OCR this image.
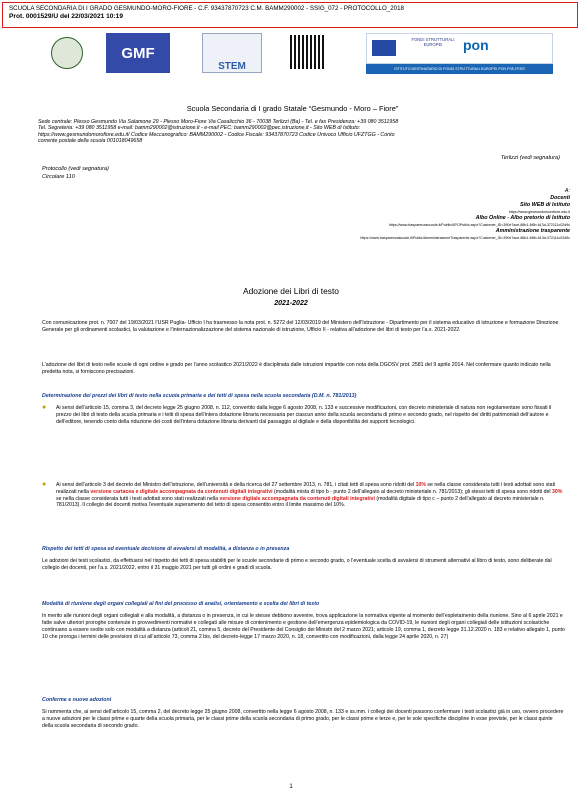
SCUOLA SECONDARIA DI I GRADO GESMUNDO-MORO-FIORE - C.F. 93437870723 C.M. BAMM290002 - SSIG_072 - PROTOCOLLO_2018
Prot. 0001529/U del 22/03/2021 10:19
GMF
STEM
FONDI STRUTTURALI EUROPEI	pon
ISTITUTO DESTINATARIO DI FONDI STRUTTURALI EUROPEI PON FSE-FESR
Scuola Secondaria di I grado Statale “Gesmundo - Moro – Fiore”
Sede centrale: Plesso Gesmundo Via Salamone 29 - Plesso Moro-Fiore Via Casalicchio 36 - 70038 Terlizzi (Ba) - Tel. e fax Presidenza: +39 080 3511958
Tel. Segreteria: +39 080 3511958 e-mail: bamm290002@istruzione.it - e-mail PEC: bamm290002@pec.istruzione.it - Sito WEB di Istituto:
https://www.gesmundomorofiore.edu.it/ Codice Meccanografico: BAMM290002 - Codice Fiscale: 93437870723 Codice Univoco Ufficio UFZTGG - Conto
corrente postale della scuola 001018049658
Terlizzi (vedi segnatura)
Protocollo (vedi segnatura)
Circolare 110
A:
Docenti
Sito WEB di Istituto
https://www.gesmundomorofiore.edu.it
Albo Online - Albo pretorio di Istituto
https://www.trasparenzascuole.it/Public/APOPublic.aspx?Customer_ID=390e7ace-86b1-4f6b-b13d-372111c02d9c
Amministrazione trasparente
https://www.trasparenzascuole.it/Public/AmministrazioneTrasparente.aspx?Customer_ID=390e7ace-86b1-4f6b-b13d-372111c02d9c
Adozione dei Libri di testo
2021-2022
Con comunicazione prot. n. 7007 del 19/03/2021 l’USR Puglia- Ufficio I ha trasmesso la nota prot. n. 5272 del 12/03/2019 del Ministero dell’Istruzione - Dipartimento per il sistema educativo di istruzione e formazione Direzione Generale per gli ordinamenti scolastici, la valutazione e l’internazionalizzazione del sistema nazionale di istruzione, Ufficio II - relativa all’adozione dei libri di testo per l’a.s. 2021-2022.
L’adozione dei libri di testo nelle scuole di ogni ordine e grado per l’anno scolastico 2021/2022 è disciplinata dalle istruzioni impartite con nota della DGOSV prot. 2581 del 9 aprile 2014. Nel confermare quanto indicato nella predetta nota, si forniscono precisazioni.
Determinazione dei prezzi dei libri di testo nella scuola primaria e dei tetti di spesa nella scuola secondaria (D.M. n. 781/2013)
● Ai sensi dell’articolo 15, comma 3, del decreto legge 25 giugno 2008, n. 112, convertito dalla legge 6 agosto 2008, n. 133 e successive modificazioni, con decreto ministeriale di natura non regolamentare sono fissati il prezzo dei libri di testo della scuola primaria e i tetti di spesa dell’intera dotazione libraria necessaria per ciascun anno della scuola secondaria di primo e secondo grado, nel rispetto dei diritti patrimoniali dell’autore e dell’editore, tenendo conto della riduzione dei costi dell’intera dotazione libraria derivanti dal passaggio al digitale e della disponibilità dei supporti tecnologici.
● Ai sensi dell’articolo 3 del decreto del Ministro dell’istruzione, dell’università e della ricerca del 27 settembre 2013, n. 781, i citati tetti di spesa sono ridotti del 10% se nella classe considerata tutti i testi adottati sono stati realizzati nella versione cartacea e digitale accompagnata da contenuti digitali integrativi (modalità mista di tipo b - punto 2 dell’allegato al decreto ministeriale n. 781/2013); gli stessi tetti di spesa sono ridotti del 30% se nella classe considerata tutti i testi adottati sono stati realizzati nella versione digitale accompagnata da contenuti digitali integrativi (modalità digitale di tipo c – punto 2 dell’allegato al decreto ministeriale n. 781/2013). Il collegio dei docenti motiva l’eventuale superamento del tetto di spesa consentito entro il limite massimo del 10%.
Rispetto dei tetti di spesa ed eventuale decisione di avvalersi di modalità, a distanza o in presenza
Le adozioni dei testi scolastici, da effettuarsi nel rispetto dei tetti di spesa stabiliti per le scuole secondarie di primo e secondo grado, o l’eventuale scelta di avvalersi di strumenti alternativi al libro di testo, sono deliberate dal collegio dei docenti, per l’a.s. 2021/2022, entro il 31 maggio 2021 per tutti gli ordini e gradi di scuola.
Modalità di riunione degli organi collegiali al fini del processo di analisi, orientamento e scelta dei libri di testo
In merito alle riunioni degli organi collegiali e alla modalità, a distanza o in presenza, in cui le stesse debbono avvenire, trova applicazione la normativa vigente al momento dell’espletamento della riunione. Sino al 6 aprile 2021 e fatte salve ulteriori proroghe contenute in provvedimenti normativi e collegati alle misure di contenimento e gestione dell’emergenza epidemiologica da COVID-19, le riunioni degli organi collegiali delle istituzioni scolastiche continuano a essere svolte solo con modalità a distanza (articoli 21, comma 5, decreto del Presidente del Consiglio dei Ministri del 2 marzo 2021; articolo 19, comma 1, decreto legge 31.12.2020 n. 183 e relativo allegato 1, punto 10 che proroga i termini delle previsioni di cui all’articolo 73, comma 2 bis, del decreto-legge 17 marzo 2020, n. 18, convertito con modificazioni, dalla legge 24 aprile 2020, n. 27)
Conferme e nuove adozioni
Si rammenta che, ai sensi dell’articolo 15, comma 2, del decreto legge 25 giugno 2008, convertito nella legge 6 agosto 2008, n. 133 e ss.mm. i collegi dei docenti possono confermare i testi scolastici già in uso, ovvero procedere a nuove adozioni per le classi prime e quarte della scuola primaria, per le classi prime della scuola secondaria di primo grado, per le classi prime e terze e, per le sole specifiche discipline in esse previste, per le classi quinte della scuola secondaria di secondo grado.
1
